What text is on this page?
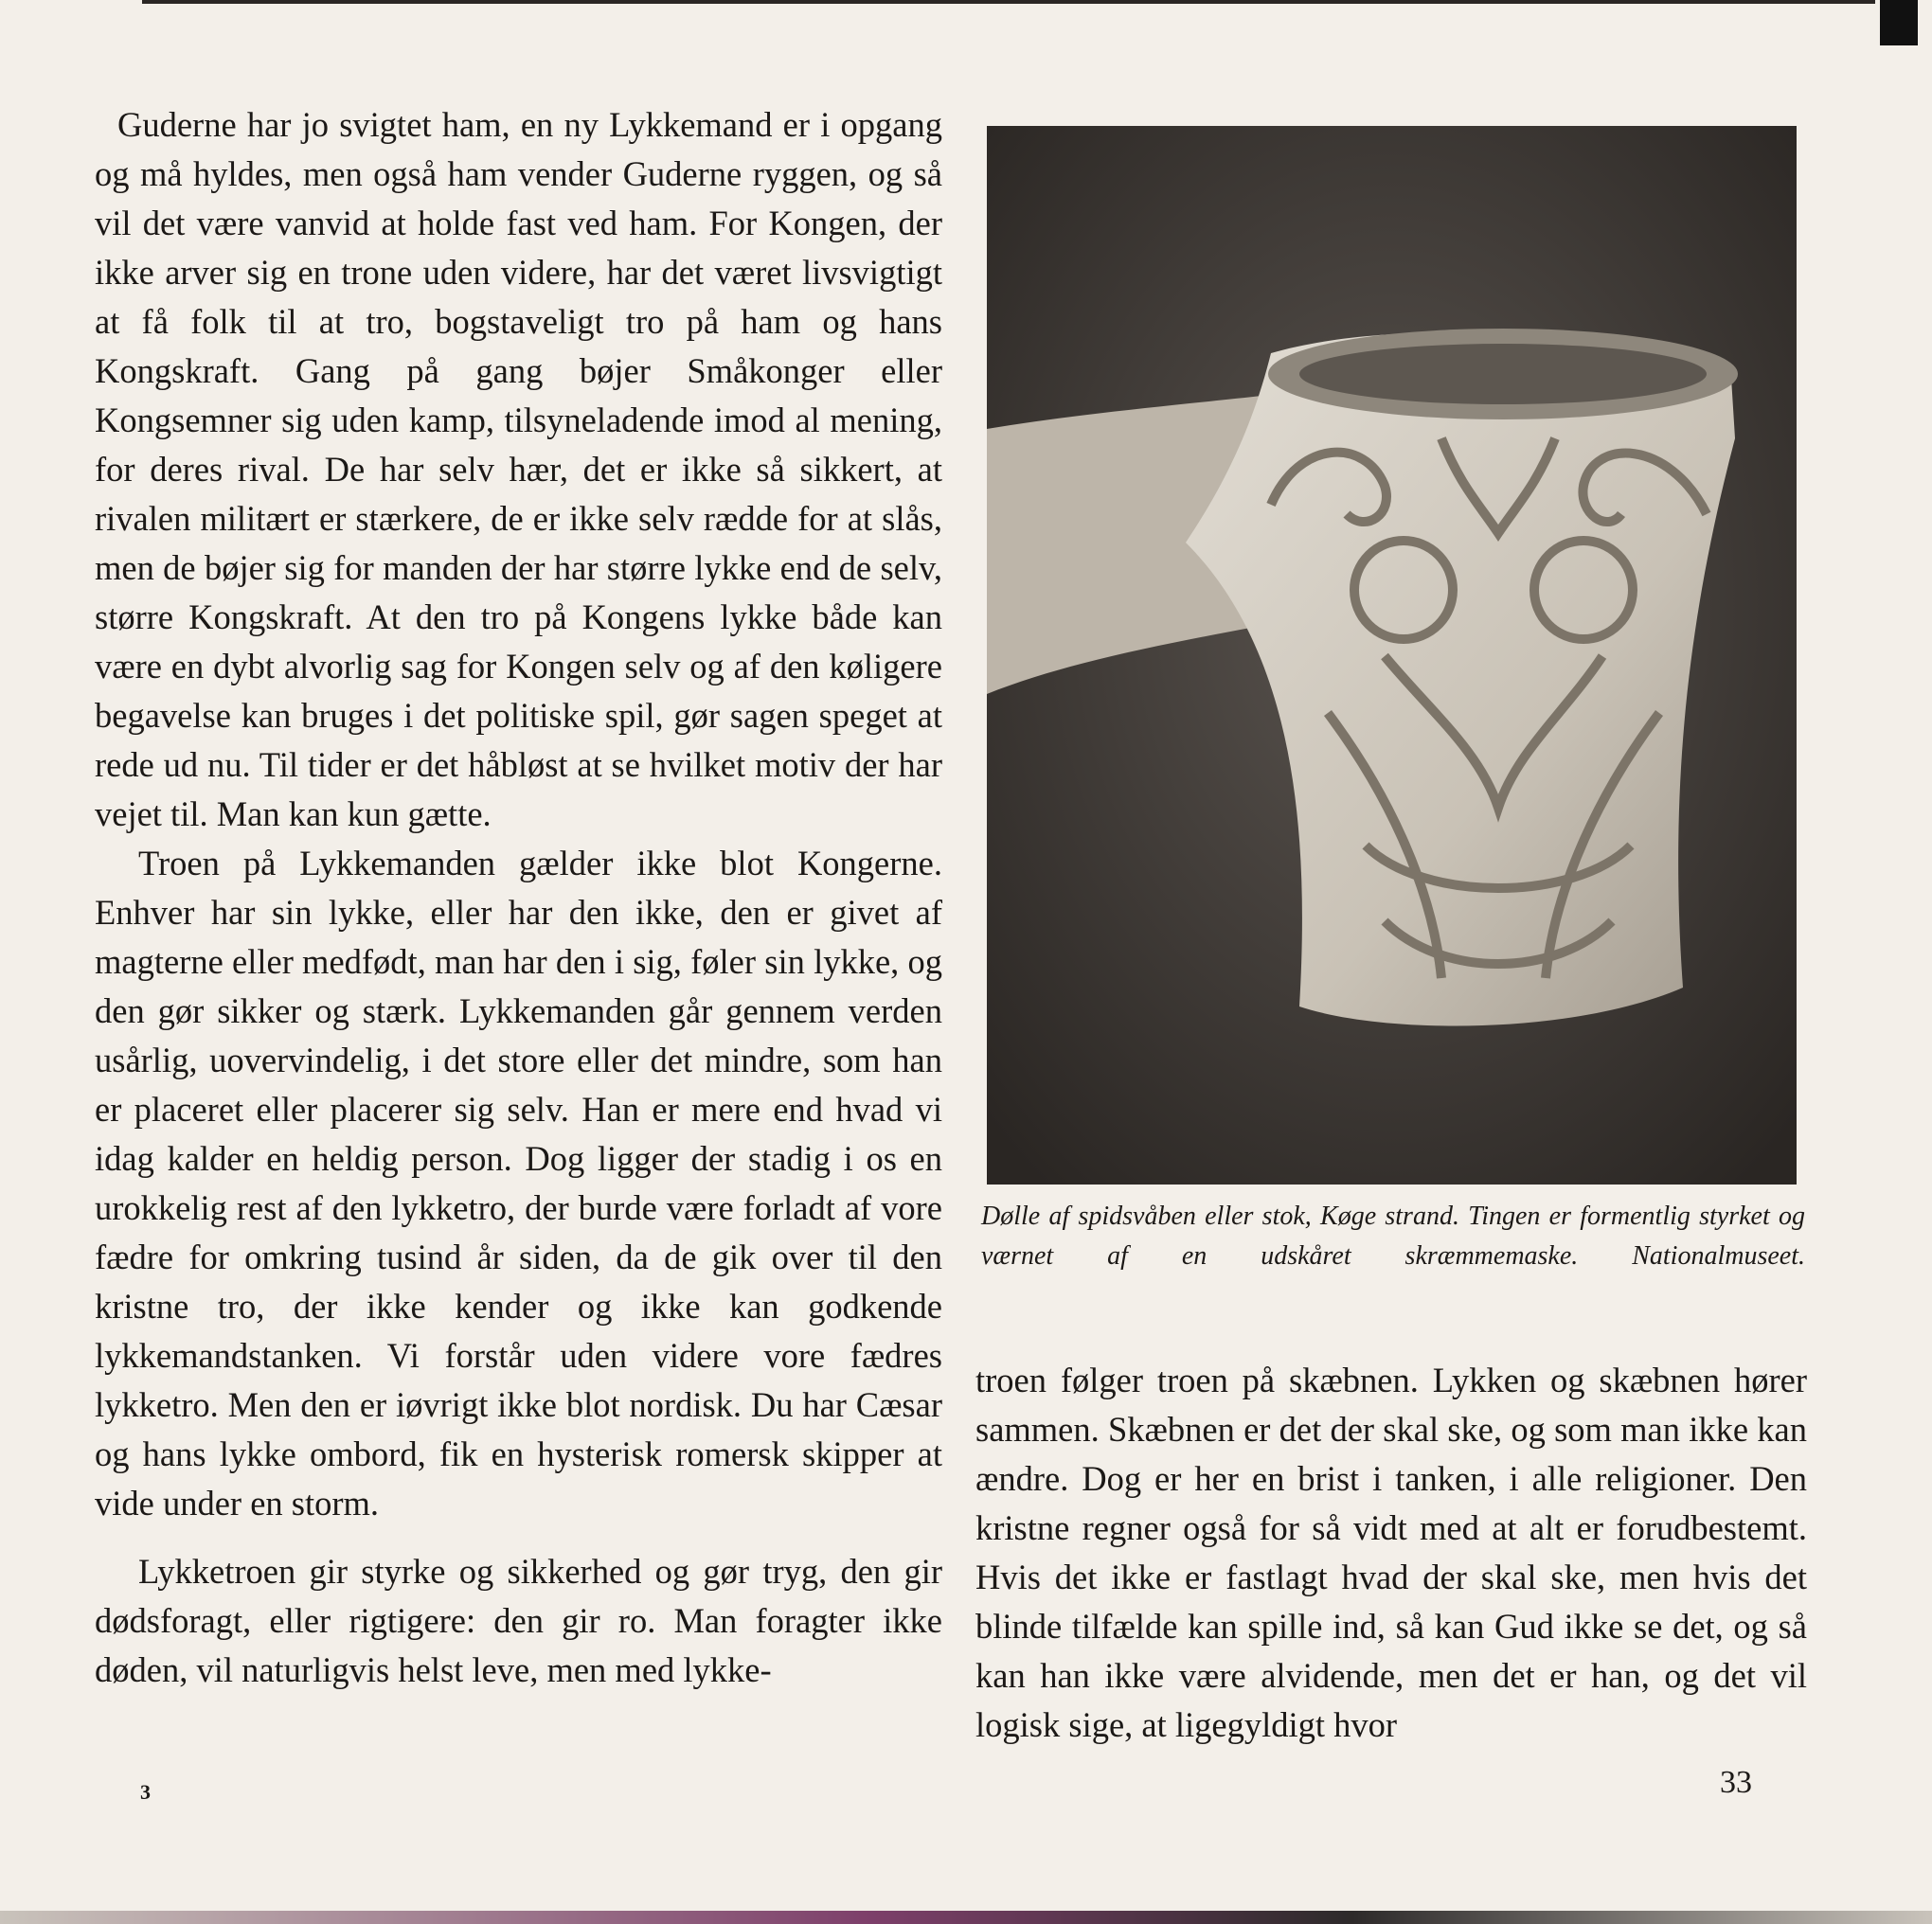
Guderne har jo svigtet ham, en ny Lykkemand er i opgang og må hyldes, men også ham vender Guderne ryggen, og så vil det være vanvid at holde fast ved ham. For Kongen, der ikke arver sig en trone uden videre, har det været livsvigtigt at få folk til at tro, bogstaveligt tro på ham og hans Kongskraft. Gang på gang bøjer Småkonger eller Kongsemner sig uden kamp, tilsyneladende imod al mening, for deres rival. De har selv hær, det er ikke så sikkert, at rivalen militært er stærkere, de er ikke selv rædde for at slås, men de bøjer sig for manden der har større lykke end de selv, større Kongskraft. At den tro på Kongens lykke både kan være en dybt alvorlig sag for Kongen selv og af den køligere begavelse kan bruges i det politiske spil, gør sagen speget at rede ud nu. Til tider er det håbløst at se hvilket motiv der har vejet til. Man kan kun gætte.

Troen på Lykkemanden gælder ikke blot Kongerne. Enhver har sin lykke, eller har den ikke, den er givet af magterne eller medfødt, man har den i sig, føler sin lykke, og den gør sikker og stærk. Lykkemanden går gennem verden usårlig, uovervindelig, i det store eller det mindre, som han er placeret eller placerer sig selv. Han er mere end hvad vi idag kalder en heldig person. Dog ligger der stadig i os en urokkelig rest af den lykketro, der burde være forladt af vore fædre for omkring tusind år siden, da de gik over til den kristne tro, der ikke kender og ikke kan godkende lykkemandstanken. Vi forstår uden videre vore fædres lykketro. Men den er iøvrigt ikke blot nordisk. Du har Cæsar og hans lykke ombord, fik en hysterisk romersk skipper at vide under en storm.

Lykketroen gir styrke og sikkerhed og gør tryg, den gir dødsforagt, eller rigtigere: den gir ro. Man foragter ikke døden, vil naturligvis helst leve, men med lykke-

Dølle af spidsvåben eller stok, Køge strand. Tingen er formentlig styrket og værnet af en udskåret skræmmemaske. Nationalmuseet.

troen følger troen på skæbnen. Lykken og skæbnen hører sammen. Skæbnen er det der skal ske, og som man ikke kan ændre. Dog er her en brist i tanken, i alle religioner. Den kristne regner også for så vidt med at alt er forudbestemt. Hvis det ikke er fastlagt hvad der skal ske, men hvis det blinde tilfælde kan spille ind, så kan Gud ikke se det, og så kan han ikke være alvidende, men det er han, og det vil logisk sige, at ligegyldigt hvor

3	33
